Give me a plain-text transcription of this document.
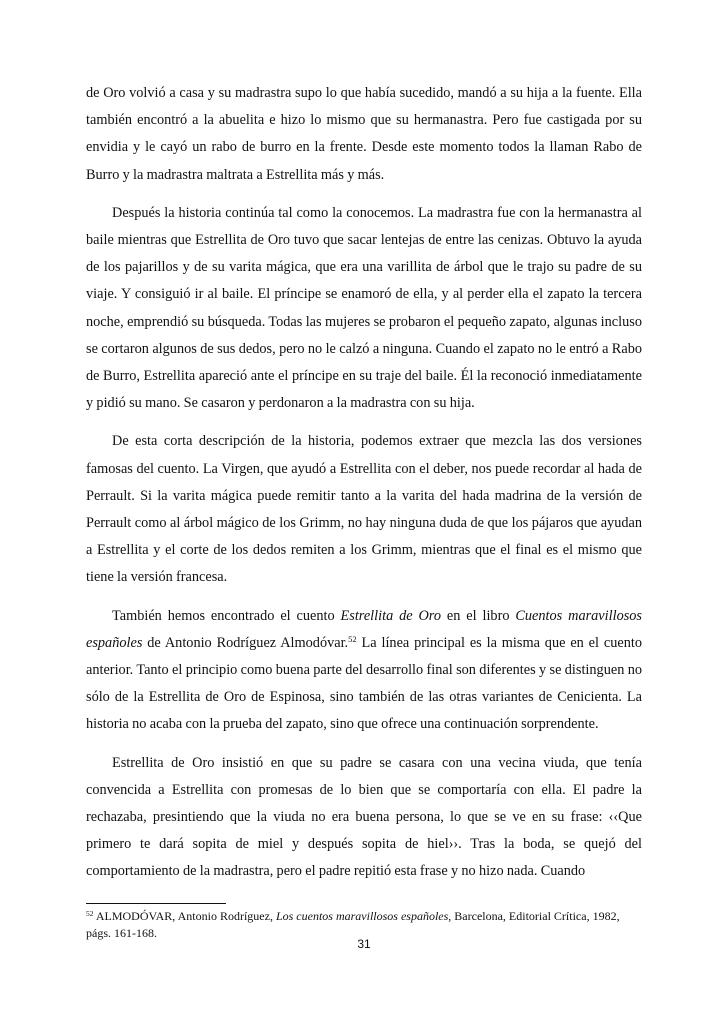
de Oro volvió a casa y su madrastra supo lo que había sucedido, mandó a su hija a la fuente. Ella también encontró a la abuelita e hizo lo mismo que su hermanastra. Pero fue castigada por su envidia y le cayó un rabo de burro en la frente. Desde este momento todos la llaman Rabo de Burro y la madrastra maltrata a Estrellita más y más.

Después la historia continúa tal como la conocemos. La madrastra fue con la hermanastra al baile mientras que Estrellita de Oro tuvo que sacar lentejas de entre las cenizas. Obtuvo la ayuda de los pajarillos y de su varita mágica, que era una varillita de árbol que le trajo su padre de su viaje. Y consiguió ir al baile. El príncipe se enamoró de ella, y al perder ella el zapato la tercera noche, emprendió su búsqueda. Todas las mujeres se probaron el pequeño zapato, algunas incluso se cortaron algunos de sus dedos, pero no le calzó a ninguna. Cuando el zapato no le entró a Rabo de Burro, Estrellita apareció ante el príncipe en su traje del baile. Él la reconoció inmediatamente y pidió su mano. Se casaron y perdonaron a la madrastra con su hija.

De esta corta descripción de la historia, podemos extraer que mezcla las dos versiones famosas del cuento. La Virgen, que ayudó a Estrellita con el deber, nos puede recordar al hada de Perrault. Si la varita mágica puede remitir tanto a la varita del hada madrina de la versión de Perrault como al árbol mágico de los Grimm, no hay ninguna duda de que los pájaros que ayudan a Estrellita y el corte de los dedos remiten a los Grimm, mientras que el final es el mismo que tiene la versión francesa.

También hemos encontrado el cuento Estrellita de Oro en el libro Cuentos maravillosos españoles de Antonio Rodríguez Almodóvar.$^{52}$ La línea principal es la misma que en el cuento anterior. Tanto el principio como buena parte del desarrollo final son diferentes y se distinguen no sólo de la Estrellita de Oro de Espinosa, sino también de las otras variantes de Cenicienta. La historia no acaba con la prueba del zapato, sino que ofrece una continuación sorprendente.

Estrellita de Oro insistió en que su padre se casara con una vecina viuda, que tenía convencida a Estrellita con promesas de lo bien que se comportaría con ella. El padre la rechazaba, presintiendo que la viuda no era buena persona, lo que se ve en su frase: ‹‹Que primero te dará sopita de miel y después sopita de hiel››. Tras la boda, se quejó del comportamiento de la madrastra, pero el padre repitió esta frase y no hizo nada. Cuando

$^{52}$ ALMODÓVAR, Antonio Rodríguez, Los cuentos maravillosos españoles, Barcelona, Editorial Crítica, 1982, págs. 161-168.

31
